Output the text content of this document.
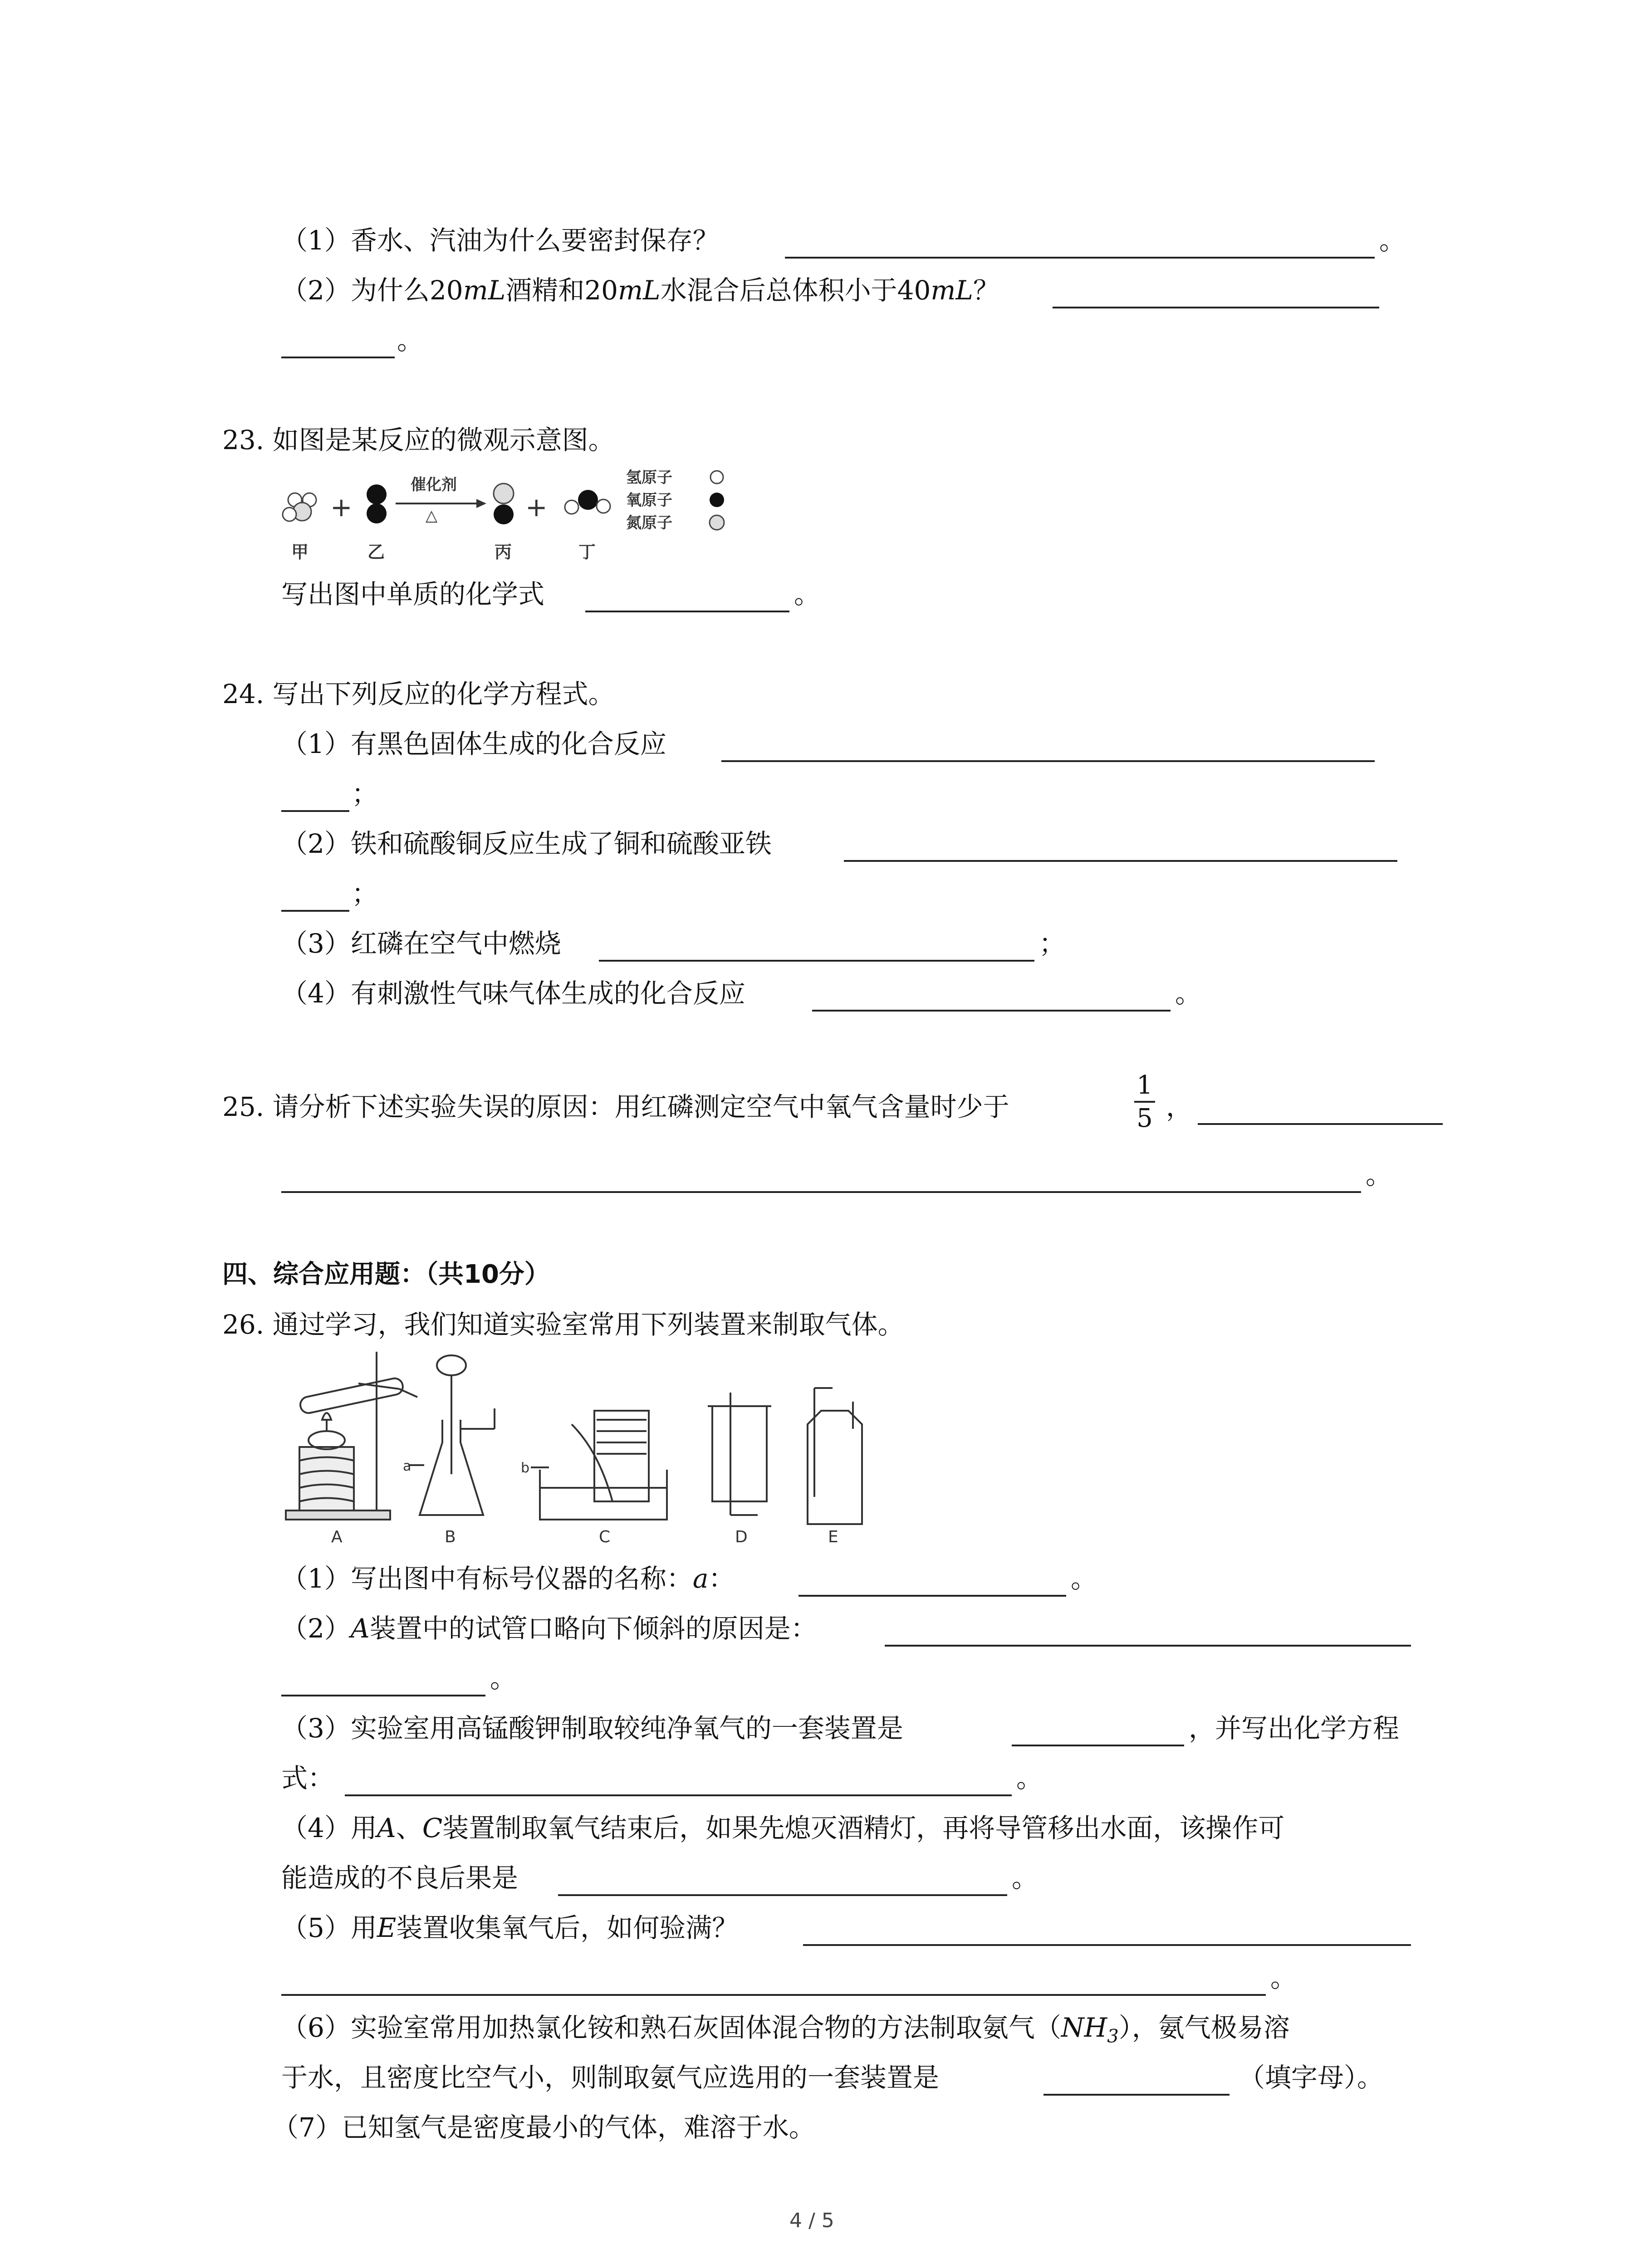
（1）香水、汽油为什么要密封保存？	。
（2）为什么20mL酒精和20mL水混合后总体积小于40mL？
。
23. 如图是某反应的微观示意图。
+
催化剂
△	+
氢原子
氧原子
氮原子
甲	乙	丙	丁
写出图中单质的化学式	。
24. 写出下列反应的化学方程式。
（1）有黑色固体生成的化合反应
；
（2）铁和硫酸铜反应生成了铜和硫酸亚铁
；
（3）红磷在空气中燃烧	；
（4）有刺激性气味气体生成的化合反应	。
25. 请分析下述实验失误的原因：用红磷测定空气中氧气含量时少于
1
5 ，
。
四、综合应用题：（共10分）
26. 通过学习，我们知道实验室常用下列装置来制取气体。
a	b
A	B	C	D	E
（1）写出图中有标号仪器的名称：a：	。
（2）A装置中的试管口略向下倾斜的原因是：
。
（3）实验室用高锰酸钾制取较纯净氧气的一套装置是	，并写出化学方程
式：	。
（4）用A、C装置制取氧气结束后，如果先熄灭酒精灯，再将导管移出水面，该操作可
能造成的不良后果是	。
（5）用E装置收集氧气后，如何验满？
。
（6）实验室常用加热氯化铵和熟石灰固体混合物的方法制取氨气$(NH_3)$，氨气极易溶
于水，且密度比空气小，则制取氨气应选用的一套装置是	（填字母）。
（7）已知氢气是密度最小的气体，难溶于水。
4 / 5
